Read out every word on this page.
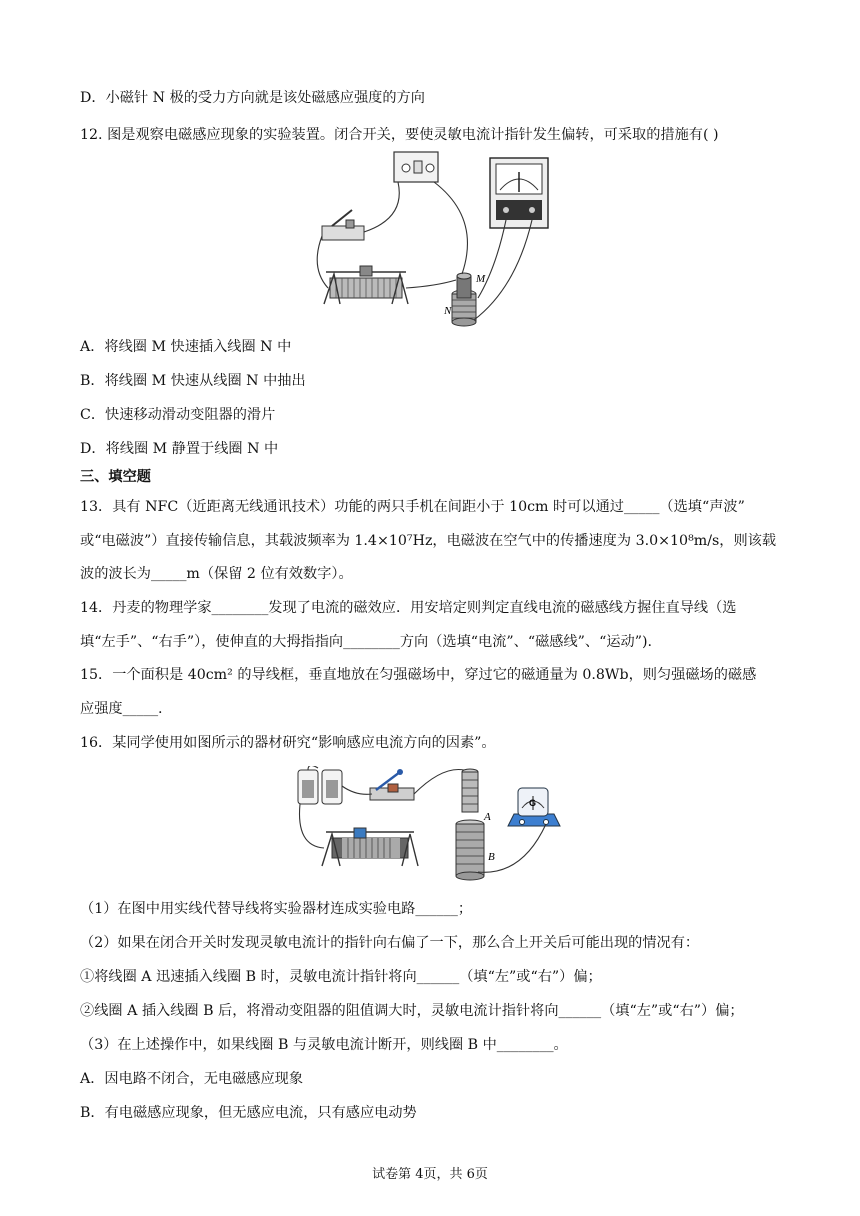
D．小磁针 N 极的受力方向就是该处磁感应强度的方向
12. 图是观察电磁感应现象的实验装置。闭合开关，要使灵敏电流计指针发生偏转，可采取的措施有( )
M
N
A．将线圈 M 快速插入线圈 N 中
B．将线圈 M 快速从线圈 N 中抽出
C．快速移动滑动变阻器的滑片
D．将线圈 M 静置于线圈 N 中
三、填空题
13．具有 NFC（近距离无线通讯技术）功能的两只手机在间距小于 10cm 时可以通过_____（选填“声波”
或“电磁波”）直接传输信息，其载波频率为 1.4×10⁷Hz，电磁波在空气中的传播速度为 3.0×10⁸m/s，则该载
波的波长为_____m（保留 2 位有效数字）。
14．丹麦的物理学家________发现了电流的磁效应．用安培定则判定直线电流的磁感线方握住直导线（选
填“左手”、“右手”），使伸直的大拇指指向________方向（选填“电流”、“磁感线”、“运动”).
15．一个面积是 40cm² 的导线框，垂直地放在匀强磁场中，穿过它的磁通量为 0.8Wb，则匀强磁场的磁感
应强度_____.
16．某同学使用如图所示的器材研究“影响感应电流方向的因素”。
A
B
G
（1）在图中用实线代替导线将实验器材连成实验电路______；
（2）如果在闭合开关时发现灵敏电流计的指针向右偏了一下，那么合上开关后可能出现的情况有：
①将线圈 A 迅速插入线圈 B 时，灵敏电流计指针将向______（填“左”或“右”）偏；
②线圈 A 插入线圈 B 后，将滑动变阻器的阻值调大时，灵敏电流计指针将向______（填“左”或“右”）偏；
（3）在上述操作中，如果线圈 B 与灵敏电流计断开，则线圈 B 中________。
A．因电路不闭合，无电磁感应现象
B．有电磁感应现象，但无感应电流，只有感应电动势
试卷第 4页，共 6页
